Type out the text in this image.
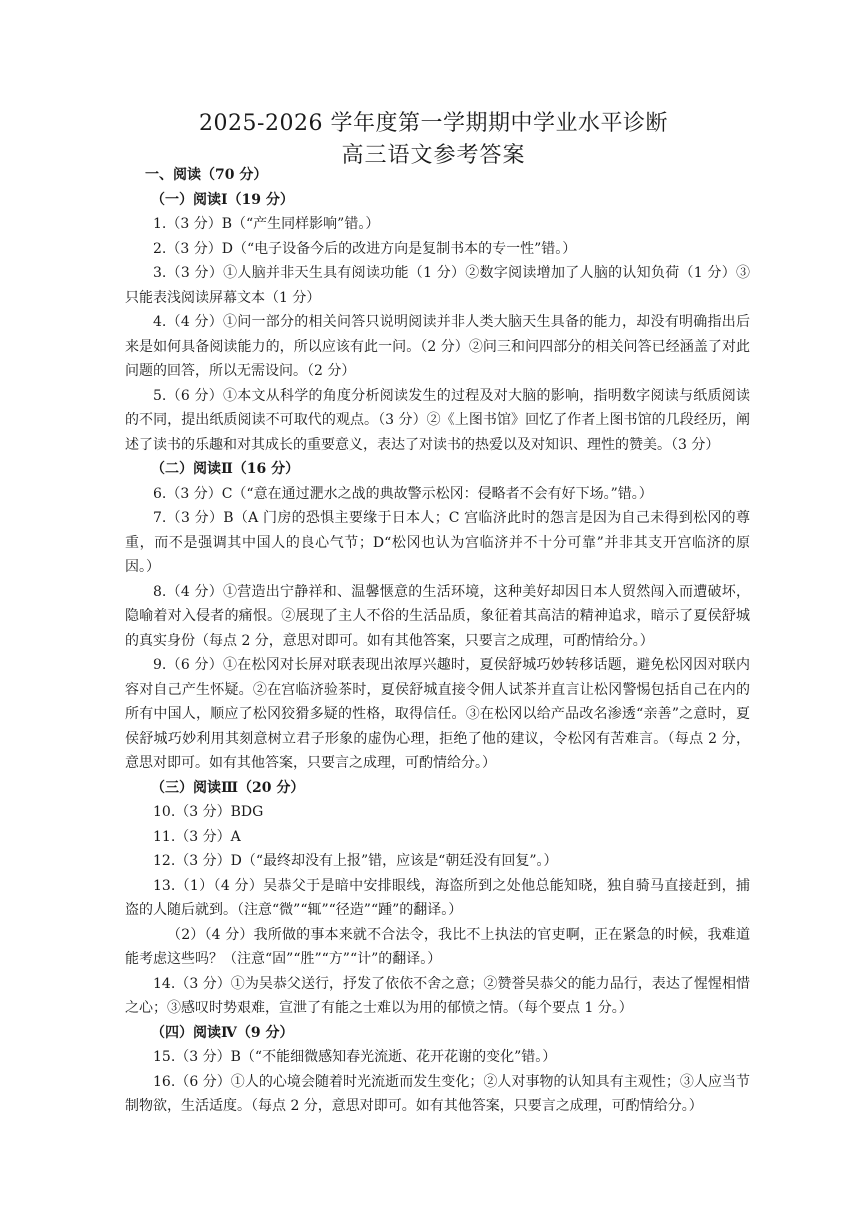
2025-2026 学年度第一学期期中学业水平诊断
高三语文参考答案

一、阅读（70 分）

（一）阅读Ⅰ（19 分）

1.（3 分）B（“产生同样影响”错。）

2.（3 分）D（“电子设备今后的改进方向是复制书本的专一性”错。）

3.（3 分）①人脑并非天生具有阅读功能（1 分）②数字阅读增加了人脑的认知负荷（1 分）③只能表浅阅读屏幕文本（1 分）

4.（4 分）①问一部分的相关问答只说明阅读并非人类大脑天生具备的能力，却没有明确指出后来是如何具备阅读能力的，所以应该有此一问。（2 分）②问三和问四部分的相关问答已经涵盖了对此问题的回答，所以无需设问。（2 分）

5.（6 分）①本文从科学的角度分析阅读发生的过程及对大脑的影响，指明数字阅读与纸质阅读的不同，提出纸质阅读不可取代的观点。（3 分）②《上图书馆》回忆了作者上图书馆的几段经历，阐述了读书的乐趣和对其成长的重要意义，表达了对读书的热爱以及对知识、理性的赞美。（3 分）

（二）阅读Ⅱ（16 分）

6.（3 分）C（“意在通过淝水之战的典故警示松冈：侵略者不会有好下场。”错。）

7.（3 分）B（A 门房的恐惧主要缘于日本人；C 宫临济此时的怨言是因为自己未得到松冈的尊重，而不是强调其中国人的良心气节；D“松冈也认为宫临济并不十分可靠”并非其支开宫临济的原因。）

8.（4 分）①营造出宁静祥和、温馨惬意的生活环境，这种美好却因日本人贸然闯入而遭破坏，隐喻着对入侵者的痛恨。②展现了主人不俗的生活品质，象征着其高洁的精神追求，暗示了夏侯舒城的真实身份（每点 2 分，意思对即可。如有其他答案，只要言之成理，可酌情给分。）

9.（6 分）①在松冈对长屏对联表现出浓厚兴趣时，夏侯舒城巧妙转移话题，避免松冈因对联内容对自己产生怀疑。②在宫临济验茶时，夏侯舒城直接令佣人试茶并直言让松冈警惕包括自己在内的所有中国人，顺应了松冈狡猾多疑的性格，取得信任。③在松冈以给产品改名渗透“亲善”之意时，夏侯舒城巧妙利用其刻意树立君子形象的虚伪心理，拒绝了他的建议，令松冈有苦难言。（每点 2 分，意思对即可。如有其他答案，只要言之成理，可酌情给分。）

（三）阅读Ⅲ（20 分）

10.（3 分）BDG

11.（3 分）A

12.（3 分）D（“最终却没有上报”错，应该是“朝廷没有回复”。）

13.（1）（4 分）吴恭父于是暗中安排眼线，海盗所到之处他总能知晓，独自骑马直接赶到，捕盗的人随后就到。（注意“微”“辄”“径造”“踵”的翻译。）

（2）（4 分）我所做的事本来就不合法令，我比不上执法的官吏啊，正在紧急的时候，我难道能考虑这些吗？（注意“固”“胜”“方”“计”的翻译。）

14.（3 分）①为吴恭父送行，抒发了依依不舍之意；②赞誉吴恭父的能力品行，表达了惺惺相惜之心；③感叹时势艰难，宣泄了有能之士难以为用的郁愤之情。（每个要点 1 分。）

（四）阅读Ⅳ（9 分）

15.（3 分）B（“不能细微感知春光流逝、花开花谢的变化”错。）

16.（6 分）①人的心境会随着时光流逝而发生变化；②人对事物的认知具有主观性；③人应当节制物欲，生活适度。（每点 2 分，意思对即可。如有其他答案，只要言之成理，可酌情给分。）
